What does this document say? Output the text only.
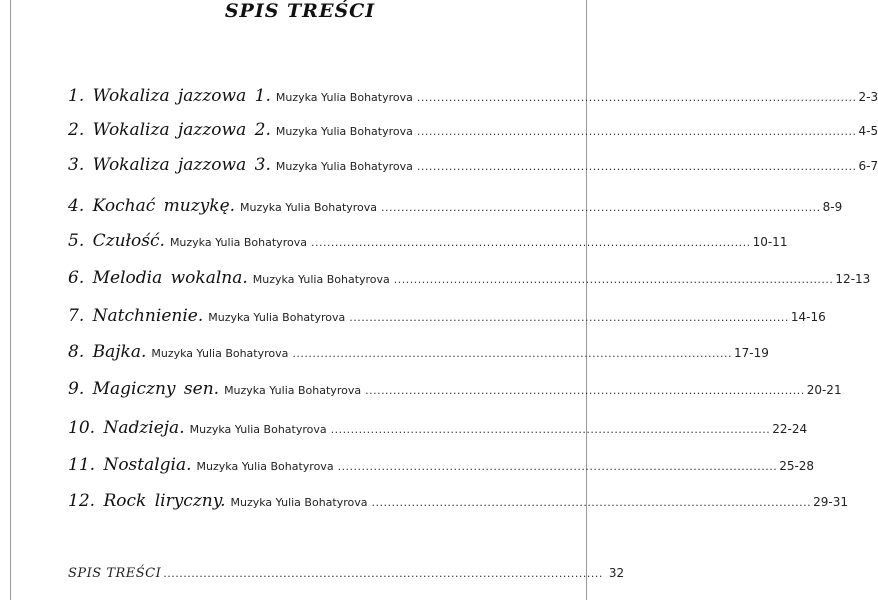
SPIS TREŚCI
1. Wokaliza jazzowa 1. Muzyka Yulia Bohatyrova .............................................................................................................. 2-3
2. Wokaliza jazzowa 2. Muzyka Yulia Bohatyrova .............................................................................................................. 4-5
3. Wokaliza jazzowa 3. Muzyka Yulia Bohatyrova .............................................................................................................. 6-7
4. Kochać muzykę. Muzyka Yulia Bohatyrova .............................................................................................................. 8-9
5. Czułość. Muzyka Yulia Bohatyrova .............................................................................................................. 10-11
6. Melodia wokalna. Muzyka Yulia Bohatyrova .............................................................................................................. 12-13
7. Natchnienie. Muzyka Yulia Bohatyrova .............................................................................................................. 14-16
8. Bajka. Muzyka Yulia Bohatyrova .............................................................................................................. 17-19
9. Magiczny sen. Muzyka Yulia Bohatyrova .............................................................................................................. 20-21
10. Nadzieja. Muzyka Yulia Bohatyrova .............................................................................................................. 22-24
11. Nostalgia. Muzyka Yulia Bohatyrova .............................................................................................................. 25-28
12. Rock liryczny. Muzyka Yulia Bohatyrova .............................................................................................................. 29-31
SPIS TREŚCI .............................................................................................................. 32
